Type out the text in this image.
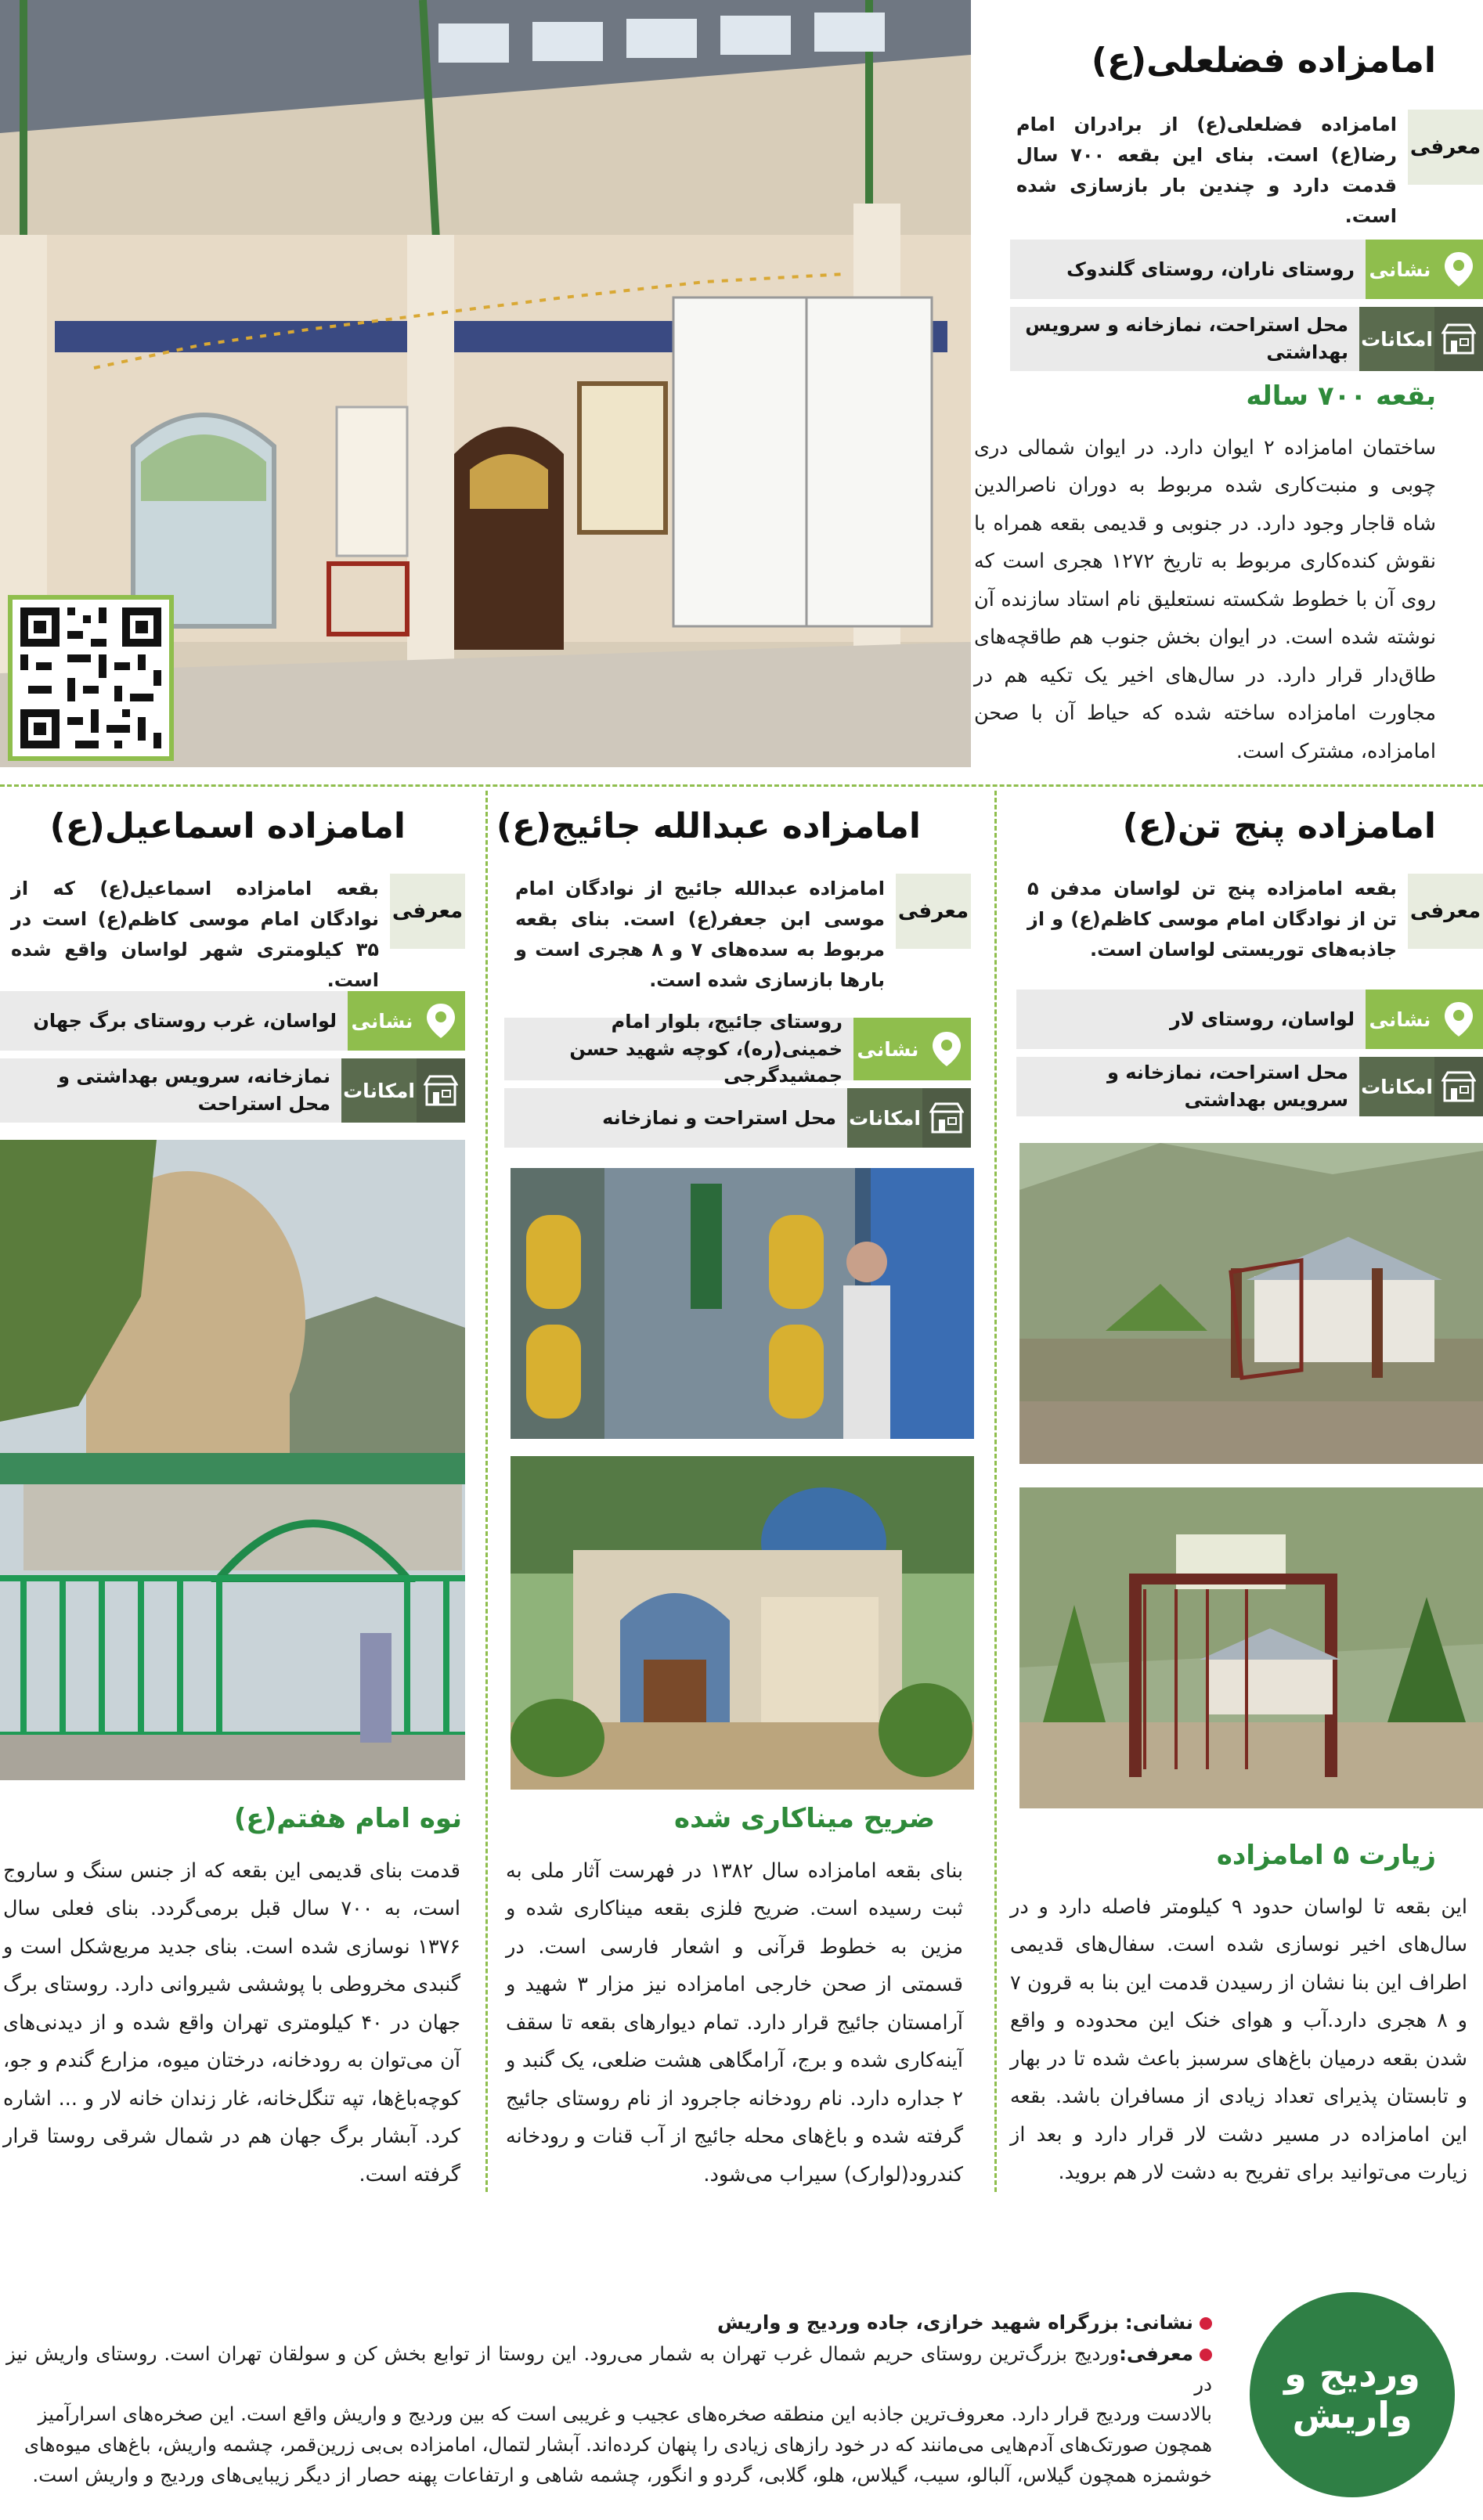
امامزاده فضلعلی(ع)
معرفی
امامزاده فضلعلی(ع) از برادران امام رضا(ع) است. بنای این بقعه ۷۰۰ سال قدمت دارد و چندین بار بازسازی شده است.
نشانی
روستای ناران، روستای گلندوک
امکانات
محل استراحت، نمازخانه و سرویس بهداشتی
بقعه ۷۰۰ ساله
ساختمان امامزاده ۲ ایوان دارد. در ایوان شمالی دری چوبی و منبت‌کاری شده مربوط به دوران ناصرالدین شاه قاجار وجود دارد. در جنوبی و قدیمی بقعه همراه با نقوش کنده‌کاری مربوط به تاریخ ۱۲۷۲ هجری است که روی آن با خطوط شکسته نستعلیق نام استاد سازنده آن نوشته شده است. در ایوان بخش جنوب هم طاقچه‌های طاق‌دار قرار دارد. در سال‌های اخیر یک تکیه هم در مجاورت امامزاده ساخته شده که حیاط آن با صحن امامزاده، مشترک است.
امامزاده پنج تن(ع)
معرفی
بقعه امامزاده پنج تن لواسان مدفن ۵ تن از نوادگان امام موسی کاظم(ع) و از جاذبه‌های توریستی لواسان است.
نشانی
لواسان، روستای لار
امکانات
محل استراحت، نمازخانه و سرویس بهداشتی
زیارت ۵ امامزاده
این بقعه تا لواسان حدود ۹ کیلومتر فاصله دارد و در سال‌های اخیر نوسازی شده است. سفال‌های قدیمی اطراف این بنا نشان از رسیدن قدمت این بنا به قرون ۷ و ۸ هجری دارد.آب و هوای خنک این محدوده و واقع شدن بقعه درمیان باغ‌های سرسبز باعث شده تا در بهار و تابستان پذیرای تعداد زیادی از مسافران باشد. بقعه این امامزاده در مسیر دشت لار قرار دارد و بعد از زیارت می‌توانید برای تفریح به دشت لار هم بروید.
امامزاده عبدالله جائیج(ع)
معرفی
امامزاده عبدالله جائیج از نوادگان امام موسی ابن جعفر(ع) است. بنای بقعه مربوط به سده‌های ۷ و ۸ هجری است و بارها بازسازی شده است.
نشانی
روستای جائیج، بلوار امام خمینی(ره)، کوچه شهید حسن جمشیدگرجی
امکانات
محل استراحت و نمازخانه
ضریح میناکاری شده
بنای بقعه امامزاده سال ۱۳۸۲ در فهرست آثار ملی به ثبت رسیده است. ضریح فلزی بقعه میناکاری شده و مزین به خطوط قرآنی و اشعار فارسی است. در قسمتی از صحن خارجی امامزاده نیز مزار ۳ شهید و آرامستان جائیج قرار دارد. تمام دیوارهای بقعه تا سقف آینه‌کاری شده و برج، آرامگاهی هشت ضلعی، یک گنبد و ۲ جداره دارد. نام رودخانه جاجرود از نام روستای جائیج گرفته شده و باغ‌های محله جائیج از آب قنات و رودخانه کندرود(لوارک) سیراب می‌شود.
امامزاده اسماعیل(ع)
معرفی
بقعه امامزاده اسماعیل(ع) که از نوادگان امام موسی کاظم(ع) است در ۳۵ کیلومتری شهر لواسان واقع شده است.
نشانی
لواسان، غرب روستای برگ جهان
امکانات
نمازخانه، سرویس بهداشتی و محل استراحت
نوه امام هفتم(ع)
قدمت بنای قدیمی این بقعه که از جنس سنگ و ساروج است، به ۷۰۰ سال قبل برمی‌گردد. بنای فعلی سال ۱۳۷۶ نوسازی شده است. بنای جدید مربع‌شکل است و گنبدی مخروطی با پوششی شیروانی دارد. روستای برگ جهان در ۴۰ کیلومتری تهران واقع شده و از دیدنی‌های آن می‌توان به رودخانه، درختان میوه، مزارع گندم و جو، کوچه‌باغ‌ها، تپه تنگل‌خانه، غار زندان خانه لار و ... اشاره کرد. آبشار برگ جهان هم در شمال شرقی روستا قرار گرفته است.
وردیج و
واریش
نشانی: بزرگراه شهید خرازی، جاده وردیج و واریش
معرفی:وردیج بزرگ‌ترین روستای حریم شمال غرب تهران به شمار می‌رود. این روستا از توابع بخش کن و سولقان تهران است. روستای واریش نیز در
بالادست وردیج قرار دارد. معروف‌ترین جاذبه این منطقه صخره‌های عجیب و غریبی است که بین وردیج و واریش واقع است. این صخره‌های اسرارآمیز
همچون صورتک‌های آدم‌هایی می‌مانند که در خود رازهای زیادی را پنهان کرده‌اند. آبشار لتمال، امامزاده بی‌بی زرین‌قمر، چشمه واریش، باغ‌های میوه‌های
خوشمزه همچون گیلاس، آلبالو، سیب، گیلاس، هلو، گلابی، گردو و انگور، چشمه شاهی و ارتفاعات پهنه حصار از دیگر زیبایی‌های وردیج و واریش است.
